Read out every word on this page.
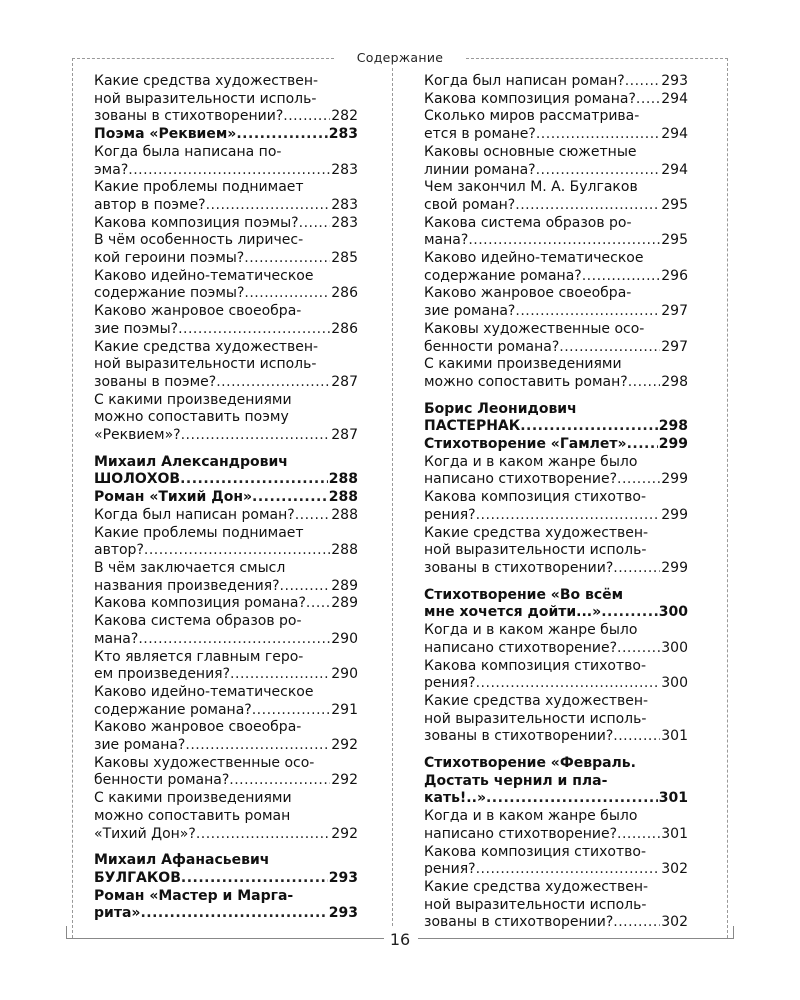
Содержание
16
Какие средства художествен-
ной выразительности исполь-
зованы в стихотворении? .....	282
Поэма «Реквием» .....	283
Когда была написана по-
эма? .....	283
Какие проблемы поднимает
автор в поэме? .....	283
Какова композиция поэмы? ..... 283
В чём особенность лиричес-
кой героини поэмы? .....	285
Каково идейно-тематическое
содержание поэмы? .....	286
Каково жанровое своеобра-
зие поэмы? .....	286
Какие средства художествен-
ной выразительности исполь-
зованы в поэме? .....	287
С какими произведениями
можно сопоставить поэму
«Реквием»? .....	287
Михаил Александрович
ШОЛОХОВ .....	288
Роман «Тихий Дон» .....	288
Когда был написан роман? .....	288
Какие проблемы поднимает
автор? .....	288
В чём заключается смысл
названия произведения? .....	289
Какова композиция романа? ..... 289
Какова система образов ро-
мана? .....	290
Кто является главным геро-
ем произведения? .....	290
Каково идейно-тематическое
содержание романа? .....	291
Каково жанровое своеобра-
зие романа? .....	292
Каковы художественные осо-
бенности романа? .....	292
С какими произведениями
можно сопоставить роман
«Тихий Дон»? .....	292
Михаил Афанасьевич
БУЛГАКОВ .....	293
Роман «Мастер и Марга-
рита» .....	293
Когда был написан роман? .....	293
Какова композиция романа? ..... 294
Сколько миров рассматрива-
ется в романе? .....	294
Каковы основные сюжетные
линии романа? .....	294
Чем закончил М. А. Булгаков
свой роман? .....	295
Какова система образов ро-
мана? .....	295
Каково идейно-тематическое
содержание романа? .....	296
Каково жанровое своеобра-
зие романа? .....	297
Каковы художественные осо-
бенности романа? .....	297
С какими произведениями
можно сопоставить роман? ..... 298
Борис Леонидович
ПАСТЕРНАК .....	298
Стихотворение «Гамлет» ..... 299
Когда и в каком жанре было
написано стихотворение? .....	299
Какова композиция стихотво-
рения? .....	299
Какие средства художествен-
ной выразительности исполь-
зованы в стихотворении? .....	299
Стихотворение «Во всём
мне хочется дойти...» .....	300
Когда и в каком жанре было
написано стихотворение? .....	300
Какова композиция стихотво-
рения? .....	300
Какие средства художествен-
ной выразительности исполь-
зованы в стихотворении? .....	301
Стихотворение «Февраль.
Достать чернил и пла-
кать!..» .....	301
Когда и в каком жанре было
написано стихотворение? .....	301
Какова композиция стихотво-
рения? .....	302
Какие средства художествен-
ной выразительности исполь-
зованы в стихотворении? .....	302
